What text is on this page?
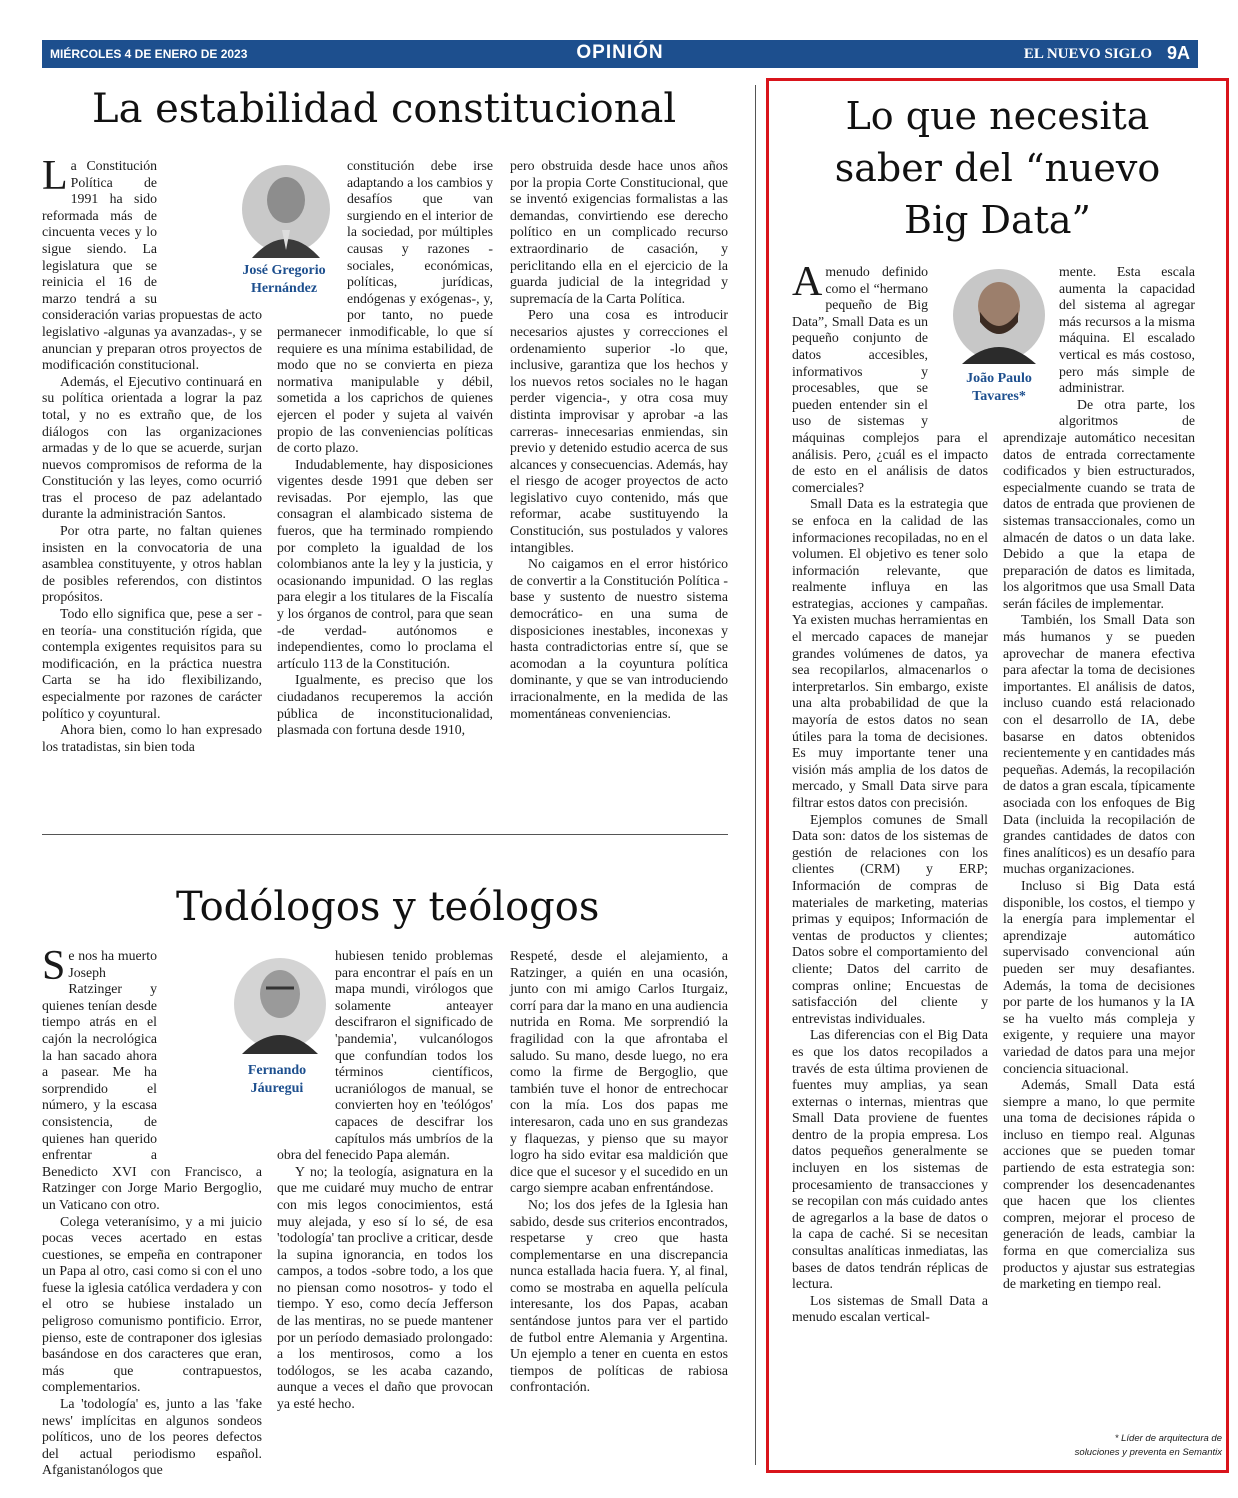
MIÉRCOLES 4 DE ENERO DE 2023	OPINIÓN	EL NUEVO SIGLO 9A
La estabilidad constitucional

La Constitución Política de 1991 ha sido reformada más de cincuenta veces y lo sigue siendo. La legislatura que se reinicia el 16 de marzo tendrá a su consideración varias propuestas de acto legislativo -algunas ya avanzadas-, y se anuncian y preparan otros proyectos de modificación constitucional.

Además, el Ejecutivo continuará en su política orientada a lograr la paz total, y no es extraño que, de los diálogos con las organizaciones armadas y de lo que se acuerde, surjan nuevos compromisos de reforma de la Constitución y las leyes, como ocurrió tras el proceso de paz adelantado durante la administración Santos.

Por otra parte, no faltan quienes insisten en la convocatoria de una asamblea constituyente, y otros hablan de posibles referendos, con distintos propósitos.

Todo ello significa que, pese a ser -en teoría- una constitución rígida, que contempla exigentes requisitos para su modificación, en la práctica nuestra Carta se ha ido flexibilizando, especialmente por razones de carácter político y coyuntural.

Ahora bien, como lo han expresado los tratadistas, sin bien toda

José Gregorio Hernández

constitución debe irse adaptando a los cambios y desafíos que van surgiendo en el interior de la sociedad, por múltiples causas y razones -sociales, económicas, políticas, jurídicas, endógenas y exógenas-, y, por tanto, no puede permanecer inmodificable, lo que sí requiere es una mínima estabilidad, de modo que no se convierta en pieza normativa manipulable y débil, sometida a los caprichos de quienes ejercen el poder y sujeta al vaivén propio de las conveniencias políticas de corto plazo.

Indudablemente, hay disposiciones vigentes desde 1991 que deben ser revisadas. Por ejemplo, las que consagran el alambicado sistema de fueros, que ha terminado rompiendo por completo la igualdad de los colombianos ante la ley y la justicia, y ocasionando impunidad. O las reglas para elegir a los titulares de la Fiscalía y los órganos de control, para que sean -de verdad- autónomos e independientes, como lo proclama el artículo 113 de la Constitución.

Igualmente, es preciso que los ciudadanos recuperemos la acción pública de inconstitucionalidad, plasmada con fortuna desde 1910,

pero obstruida desde hace unos años por la propia Corte Constitucional, que se inventó exigencias formalistas a las demandas, convirtiendo ese derecho político en un complicado recurso extraordinario de casación, y periclitando ella en el ejercicio de la guarda judicial de la integridad y supremacía de la Carta Política.

Pero una cosa es introducir necesarios ajustes y correcciones el ordenamiento superior -lo que, inclusive, garantiza que los hechos y los nuevos retos sociales no le hagan perder vigencia-, y otra cosa muy distinta improvisar y aprobar -a las carreras- innecesarias enmiendas, sin previo y detenido estudio acerca de sus alcances y consecuencias. Además, hay el riesgo de acoger proyectos de acto legislativo cuyo contenido, más que reformar, acabe sustituyendo la Constitución, sus postulados y valores intangibles.

No caigamos en el error histórico de convertir a la Constitución Política -base y sustento de nuestro sistema democrático- en una suma de disposiciones inestables, inconexas y hasta contradictorias entre sí, que se acomodan a la coyuntura política dominante, y que se van introduciendo irracionalmente, en la medida de las momentáneas conveniencias.

Todólogos y teólogos

Se nos ha muerto Joseph Ratzinger y quienes tenían desde tiempo atrás en el cajón la necrológica la han sacado ahora a pasear. Me ha sorprendido el número, y la escasa consistencia, de quienes han querido enfrentar a Benedicto XVI con Francisco, a Ratzinger con Jorge Mario Bergoglio, un Vaticano con otro.

Colega veteranísimo, y a mi juicio pocas veces acertado en estas cuestiones, se empeña en contraponer un Papa al otro, casi como si con el uno fuese la iglesia católica verdadera y con el otro se hubiese instalado un peligroso comunismo pontificio. Error, pienso, este de contraponer dos iglesias basándose en dos caracteres que eran, más que contrapuestos, complementarios.

La 'todología' es, junto a las 'fake news' implícitas en algunos sondeos políticos, uno de los peores defectos del actual periodismo español. Afganistanólogos que

Fernando Jáuregui

hubiesen tenido problemas para encontrar el país en un mapa mundi, virólogos que solamente anteayer descifraron el significado de 'pandemia', vulcanólogos que confundían todos los términos científicos, ucraniólogos de manual, se convierten hoy en 'teólógos' capaces de descifrar los capítulos más umbríos de la obra del fenecido Papa alemán.

Y no; la teología, asignatura en la que me cuidaré muy mucho de entrar con mis legos conocimientos, está muy alejada, y eso sí lo sé, de esa 'todología' tan proclive a criticar, desde la supina ignorancia, en todos los campos, a todos -sobre todo, a los que no piensan como nosotros- y todo el tiempo. Y eso, como decía Jefferson de las mentiras, no se puede mantener por un período demasiado prolongado: a los mentirosos, como a los todólogos, se les acaba cazando, aunque a veces el daño que provocan ya esté hecho.

Respeté, desde el alejamiento, a Ratzinger, a quién en una ocasión, junto con mi amigo Carlos Iturgaiz, corrí para dar la mano en una audiencia nutrida en Roma. Me sorprendió la fragilidad con la que afrontaba el saludo. Su mano, desde luego, no era como la firme de Bergoglio, que también tuve el honor de entrechocar con la mía. Los dos papas me interesaron, cada uno en sus grandezas y flaquezas, y pienso que su mayor logro ha sido evitar esa maldición que dice que el sucesor y el sucedido en un cargo siempre acaban enfrentándose.

No; los dos jefes de la Iglesia han sabido, desde sus criterios encontrados, respetarse y creo que hasta complementarse en una discrepancia nunca estallada hacia fuera. Y, al final, como se mostraba en aquella película interesante, los dos Papas, acaban sentándose juntos para ver el partido de futbol entre Alemania y Argentina. Un ejemplo a tener en cuenta en estos tiempos de políticas de rabiosa confrontación.

Lo que necesita
saber del “nuevo
Big Data”

A menudo definido como el “hermano pequeño de Big Data”, Small Data es un pequeño conjunto de datos accesibles, informativos y procesables, que se pueden entender sin el uso de sistemas y máquinas complejos para el análisis. Pero, ¿cuál es el impacto de esto en el análisis de datos comerciales?

Small Data es la estrategia que se enfoca en la calidad de las informaciones recopiladas, no en el volumen. El objetivo es tener solo información relevante, que realmente influya en las estrategias, acciones y campañas. Ya existen muchas herramientas en el mercado capaces de manejar grandes volúmenes de datos, ya sea recopilarlos, almacenarlos o interpretarlos. Sin embargo, existe una alta probabilidad de que la mayoría de estos datos no sean útiles para la toma de decisiones. Es muy importante tener una visión más amplia de los datos de mercado, y Small Data sirve para filtrar estos datos con precisión.

Ejemplos comunes de Small Data son: datos de los sistemas de gestión de relaciones con los clientes (CRM) y ERP; Información de compras de materiales de marketing, materias primas y equipos; Información de ventas de productos y clientes; Datos sobre el comportamiento del cliente; Datos del carrito de compras online; Encuestas de satisfacción del cliente y entrevistas individuales.

Las diferencias con el Big Data es que los datos recopilados a través de esta última provienen de fuentes muy amplias, ya sean externas o internas, mientras que Small Data proviene de fuentes dentro de la propia empresa. Los datos pequeños generalmente se incluyen en los sistemas de procesamiento de transacciones y se recopilan con más cuidado antes de agregarlos a la base de datos o la capa de caché. Si se necesitan consultas analíticas inmediatas, las bases de datos tendrán réplicas de lectura.

Los sistemas de Small Data a menudo escalan vertical-

João Paulo Tavares*

mente. Esta escala aumenta la capacidad del sistema al agregar más recursos a la misma máquina. El escalado vertical es más costoso, pero más simple de administrar.

De otra parte, los algoritmos de aprendizaje automático necesitan datos de entrada correctamente codificados y bien estructurados, especialmente cuando se trata de datos de entrada que provienen de sistemas transaccionales, como un almacén de datos o un data lake. Debido a que la etapa de preparación de datos es limitada, los algoritmos que usa Small Data serán fáciles de implementar.

También, los Small Data son más humanos y se pueden aprovechar de manera efectiva para afectar la toma de decisiones importantes. El análisis de datos, incluso cuando está relacionado con el desarrollo de IA, debe basarse en datos obtenidos recientemente y en cantidades más pequeñas. Además, la recopilación de datos a gran escala, típicamente asociada con los enfoques de Big Data (incluida la recopilación de grandes cantidades de datos con fines analíticos) es un desafío para muchas organizaciones.

Incluso si Big Data está disponible, los costos, el tiempo y la energía para implementar el aprendizaje automático supervisado convencional aún pueden ser muy desafiantes. Además, la toma de decisiones por parte de los humanos y la IA se ha vuelto más compleja y exigente, y requiere una mayor variedad de datos para una mejor conciencia situacional.

Además, Small Data está siempre a mano, lo que permite una toma de decisiones rápida o incluso en tiempo real. Algunas acciones que se pueden tomar partiendo de esta estrategia son: comprender los desencadenantes que hacen que los clientes compren, mejorar el proceso de generación de leads, cambiar la forma en que comercializa sus productos y ajustar sus estrategias de marketing en tiempo real.

* Líder de arquitectura de
soluciones y preventa en Semantix
